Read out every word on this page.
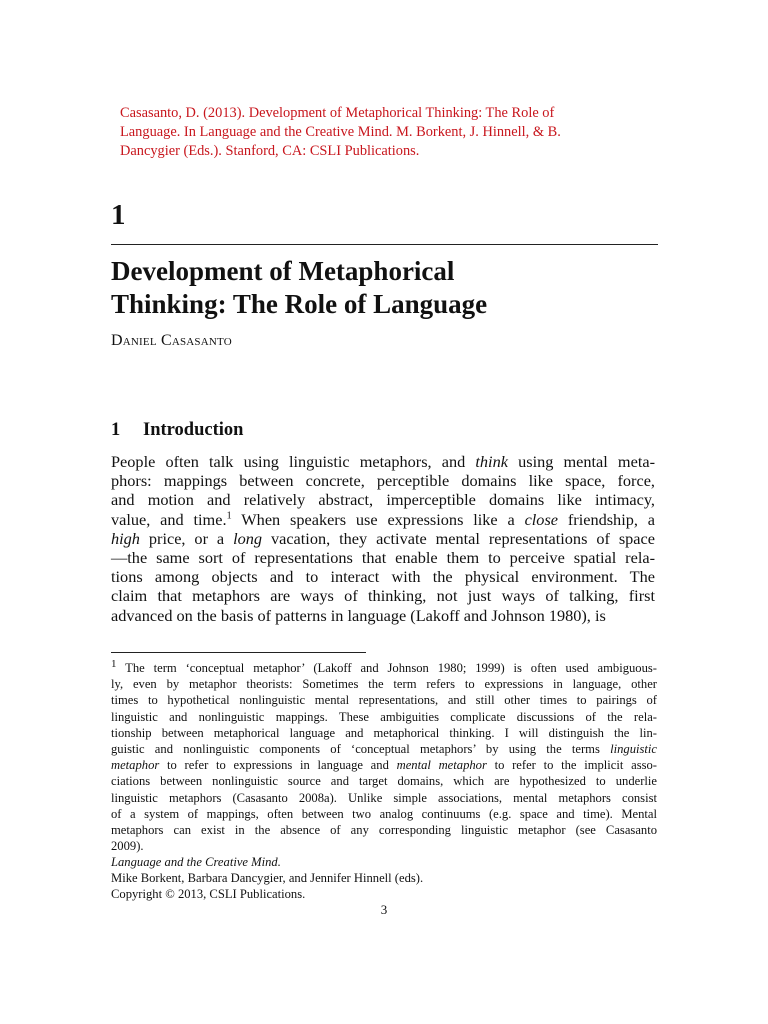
Casasanto, D. (2013). Development of Metaphorical Thinking: The Role of
Language. In Language and the Creative Mind. M. Borkent, J. Hinnell, & B.
Dancygier (Eds.). Stanford, CA: CSLI Publications.
1
Development of Metaphorical
Thinking: The Role of Language
Daniel Casasanto
1 Introduction
People often talk using linguistic metaphors, and think using mental meta-
phors: mappings between concrete, perceptible domains like space, force,
and motion and relatively abstract, imperceptible domains like intimacy,
value, and time.$^1$ When speakers use expressions like a close friendship, a
high price, or a long vacation, they activate mental representations of space
—the same sort of representations that enable them to perceive spatial rela-
tions among objects and to interact with the physical environment. The
claim that metaphors are ways of thinking, not just ways of talking, first
advanced on the basis of patterns in language (Lakoff and Johnson 1980), is
$^1$ The term ‘conceptual metaphor’ (Lakoff and Johnson 1980; 1999) is often used ambiguous-
ly, even by metaphor theorists: Sometimes the term refers to expressions in language, other
times to hypothetical nonlinguistic mental representations, and still other times to pairings of
linguistic and nonlinguistic mappings. These ambiguities complicate discussions of the rela-
tionship between metaphorical language and metaphorical thinking. I will distinguish the lin-
guistic and nonlinguistic components of ‘conceptual metaphors’ by using the terms linguistic
metaphor to refer to expressions in language and mental metaphor to refer to the implicit asso-
ciations between nonlinguistic source and target domains, which are hypothesized to underlie
linguistic metaphors (Casasanto 2008a). Unlike simple associations, mental metaphors consist
of a system of mappings, often between two analog continuums (e.g. space and time). Mental
metaphors can exist in the absence of any corresponding linguistic metaphor (see Casasanto
2009).
Language and the Creative Mind.
Mike Borkent, Barbara Dancygier, and Jennifer Hinnell (eds).
Copyright © 2013, CSLI Publications.
3
